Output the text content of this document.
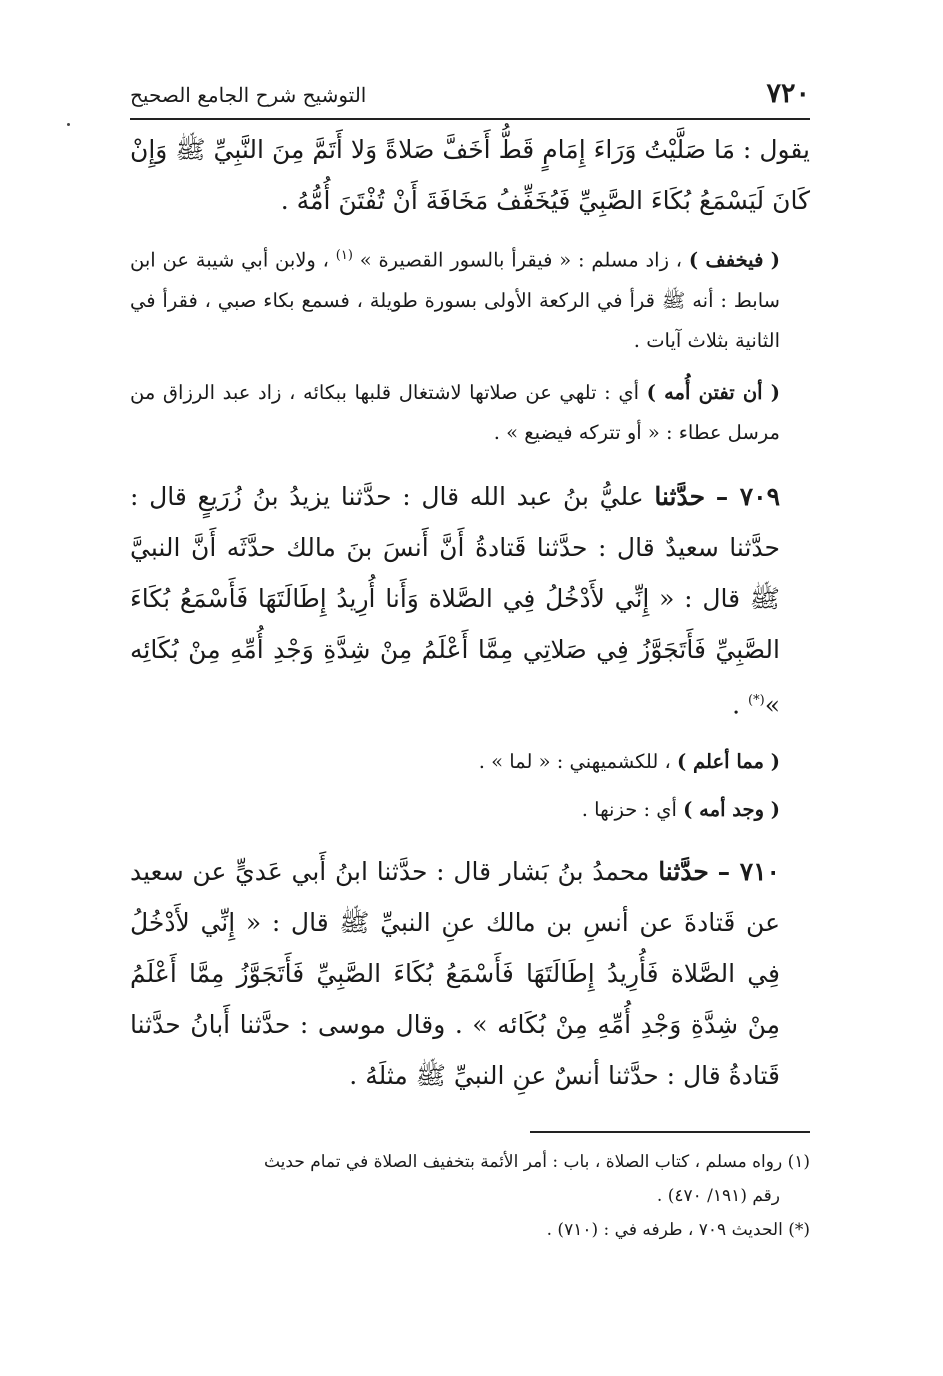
٧٢٠
التوشيح شرح الجامع الصحيح

يقول : مَا صَلَّيْتُ وَرَاءَ إِمَامٍ قَطُّ أَخَفَّ صَلاةً وَلا أَتَمَّ مِنَ النَّبِيِّ ﷺ وَإِنْ كَانَ لَيَسْمَعُ بُكَاءَ الصَّبِيِّ فَيُخَفِّفُ مَخَافَةَ أَنْ تُفْتَنَ أُمُّهُ .

( فيخفف ) ، زاد مسلم : « فيقرأ بالسور القصيرة » $^{(١)}$ ، ولابن أبي شيبة عن ابن سابط : أنه ﷺ قرأ في الركعة الأولى بسورة طويلة ، فسمع بكاء صبي ، فقرأ في الثانية بثلاث آيات .

( أن تفتن أُمه ) أي : تلهي عن صلاتها لاشتغال قلبها ببكائه ، زاد عبد الرزاق من مرسل عطاء : « أو تتركه فيضيع » .

٧٠٩ – حدَّثنا عليُّ بنُ عبد الله قال : حدَّثنا يزيدُ بنُ زُرَيعٍ قال : حدَّثنا سعيدٌ قال : حدَّثنا قَتادةُ أَنَّ أَنسَ بنَ مالك حدَّثَه أَنَّ النبيَّ ﷺ قال : « إِنِّي لأَدْخُلُ فِي الصَّلاة وَأَنا أُرِيدُ إِطَالَتَهَا فَأَسْمَعُ بُكَاءَ الصَّبِيِّ فَأَتَجَوَّزُ فِي صَلاتِي مِمَّا أَعْلَمُ مِنْ شِدَّةِ وَجْدِ أُمِّهِ مِنْ بُكَائِه »(*) .

( مما أعلم ) ، للكشميهني : « لما » .

( وجد أمه ) أي : حزنها .

٧١٠ – حدَّثنا محمدُ بنُ بَشار قال : حدَّثنا ابنُ أَبي عَديٍّ عن سعيد عن قَتادةَ عن أنسِ بن مالك عنِ النبيِّ ﷺ قال : « إِنِّي لأَدْخُلُ فِي الصَّلاة فَأُرِيدُ إِطَالَتَهَا فَأَسْمَعُ بُكَاءَ الصَّبِيِّ فَأَتَجَوَّزُ مِمَّا أَعْلَمُ مِنْ شِدَّةِ وَجْدِ أُمِّهِ مِنْ بُكَائه » . وقال موسى : حدَّثنا أَبانُ حدَّثنا قَتادةُ قال : حدَّثنا أنسٌ عنِ النبيِّ ﷺ مثلَهُ .

(١) رواه مسلم ، كتاب الصلاة ، باب : أمر الأئمة بتخفيف الصلاة في تمام حديث

رقم (١٩١/ ٤٧٠) .

(*) الحديث ٧٠٩ ، طرفه في : (٧١٠) .
